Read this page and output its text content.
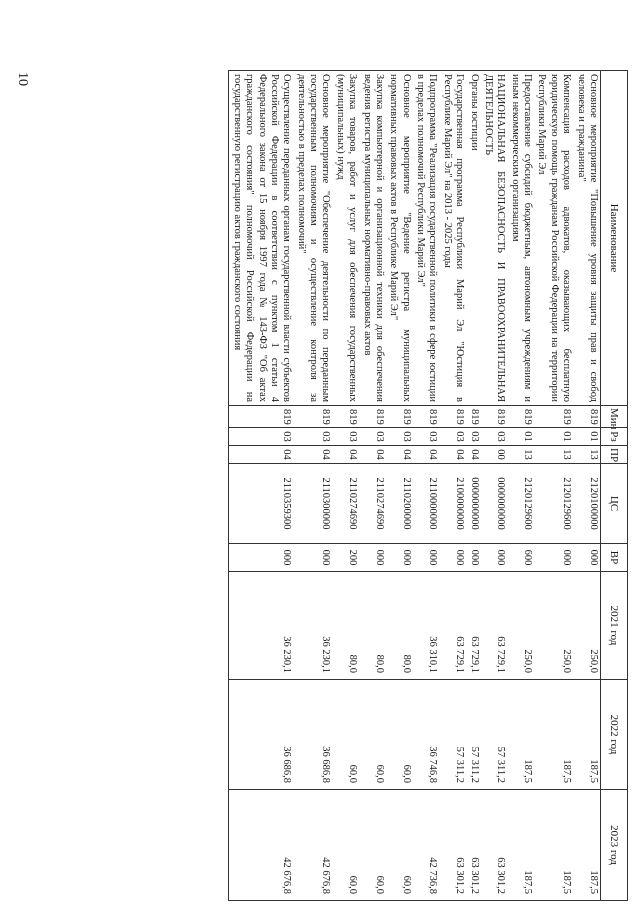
10
Наименование	Мин	Рз	ПР	ЦС	ВР	2021 год	2022 год	2023 год
Основное мероприятие "Повышение уровня защиты прав и свобод человека и гражданина"	819	01	13	2120100000	000	250,0	187,5	187,5
Компенсация расходов адвокатов, оказывающих бесплатную юридическую помощь гражданам Российской Федерации на территории Республики Марий Эл	819	01	13	2120129600	000	250,0	187,5	187,5
Предоставление субсидий бюджетным, автономным учреждениям и иным некоммерческим организациям	819	01	13	2120129600	600	250,0	187,5	187,5
НАЦИОНАЛЬНАЯ БЕЗОПАСНОСТЬ И ПРАВООХРАНИТЕЛЬНАЯ ДЕЯТЕЛЬНОСТЬ	819	03	00	0000000000	000	63 729,1	57 311,2	63 301,2
Органы юстиции	819	03	04	0000000000	000	63 729,1	57 311,2	63 301,2
Государственная программа Республики Марий Эл "Юстиция в Республике Марий Эл" на 2013 - 2025 годы	819	03	04	2100000000	000	63 729,1	57 311,2	63 301,2
Подпрограмма "Реализация государственной политики в сфере юстиции в пределах полномочий Республики Марий Эл"	819	03	04	2110000000	000	36 310,1	36 746,8	42 736,8
Основное мероприятие "Ведение регистра муниципальных нормативных правовых актов в Республике Марий Эл"	819	03	04	2110200000	000	80,0	60,0	60,0
Закупка компьютерной и организационной техники для обеспечения ведения регистра муниципальных нормативно-правовых актов	819	03	04	2110274690	000	80,0	60,0	60,0
Закупка товаров, работ и услуг для обеспечения государственных (муниципальных) нужд	819	03	04	2110274690	200	80,0	60,0	60,0
Основное мероприятие "Обеспечение деятельности по переданным государственным полномочиям и осуществление контроля за деятельностью в пределах полномочий"	819	03	04	2110300000	000	36 230,1	36 686,8	42 676,8
Осуществление переданных органам государственной власти субъектов Российской Федерации в соответствии с пунктом 1 статьи 4 Федерального закона от 15 ноября 1997 года № 143-ФЗ "Об актах гражданского состояния" полномочий Российской Федерации на государственную регистрацию актов гражданского состояния	819	03	04	2110359300	000	36 230,1	36 686,8	42 676,8
